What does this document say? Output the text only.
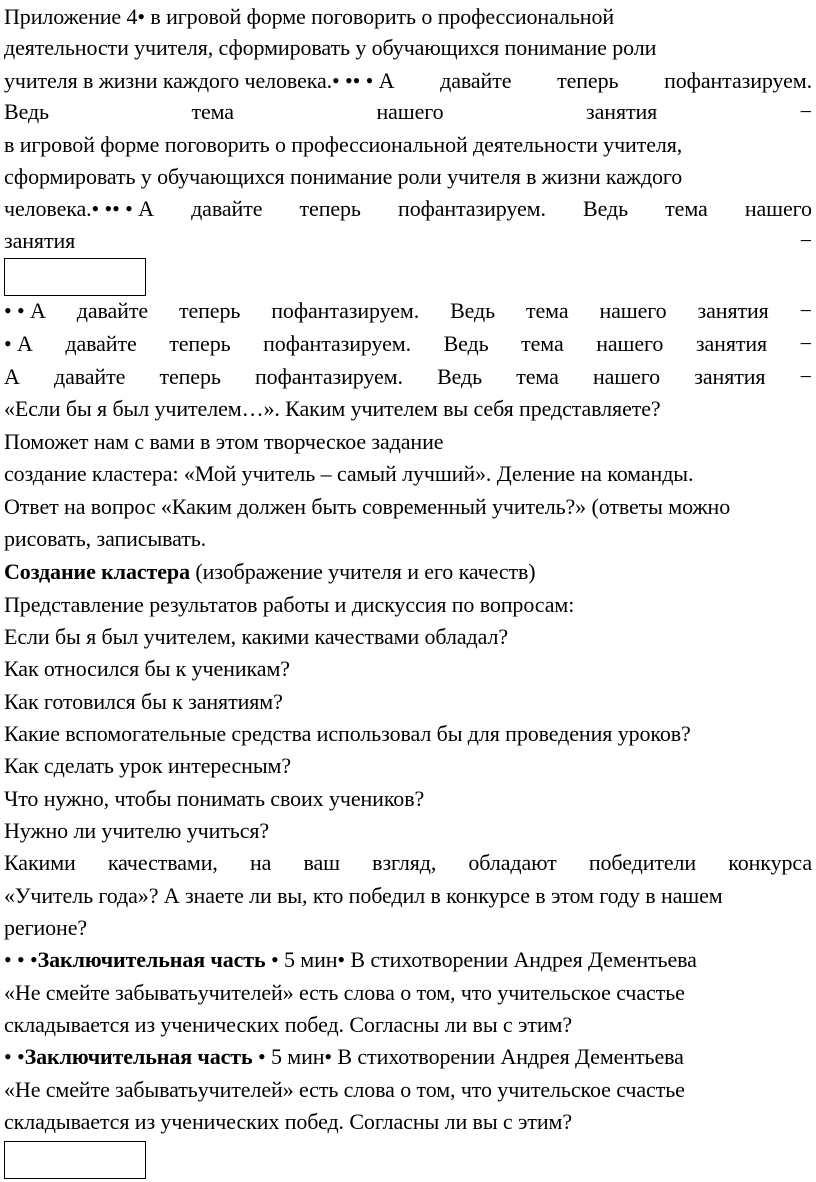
Приложение 4• в игровой форме поговорить о профессиональной
деятельности учителя, сформировать у обучающихся понимание роли
учителя в жизни каждого человека.• •• • А давайте теперь пофантазируем.
Ведь	тема	нашего	занятия	−
в игровой форме поговорить о профессиональной деятельности учителя,
сформировать у обучающихся понимание роли учителя в жизни каждого
человека.• •• • А давайте теперь пофантазируем. Ведь тема нашего
занятия	−
• • А давайте теперь пофантазируем. Ведь тема нашего занятия −
• А давайте теперь пофантазируем. Ведь тема нашего занятия −
А давайте теперь пофантазируем. Ведь тема нашего занятия −
«Если бы я был учителем…». Каким учителем вы себя представляете?
Поможет нам с вами в этом творческое задание
создание кластера: «Мой учитель – самый лучший». Деление на команды.
Ответ на вопрос «Каким должен быть современный учитель?» (ответы можно
рисовать, записывать.
Создание кластера (изображение учителя и его качеств)
Представление результатов работы и дискуссия по вопросам:
Если бы я был учителем, какими качествами обладал?
Как относился бы к ученикам?
Как готовился бы к занятиям?
Какие вспомогательные средства использовал бы для проведения уроков?
Как сделать урок интересным?
Что нужно, чтобы понимать своих учеников?
Нужно ли учителю учиться?
Какими качествами, на ваш взгляд, обладают победители конкурса
«Учитель года»? А знаете ли вы, кто победил в конкурсе в этом году в нашем
регионе?
• • •Заключительная часть • 5 мин• В стихотворении Андрея Дементьева
«Не смейте забыватьучителей» есть слова о том, что учительское счастье
складывается из ученических побед. Согласны ли вы с этим?
• •Заключительная часть • 5 мин• В стихотворении Андрея Дементьева
«Не смейте забыватьучителей» есть слова о том, что учительское счастье
складывается из ученических побед. Согласны ли вы с этим?
